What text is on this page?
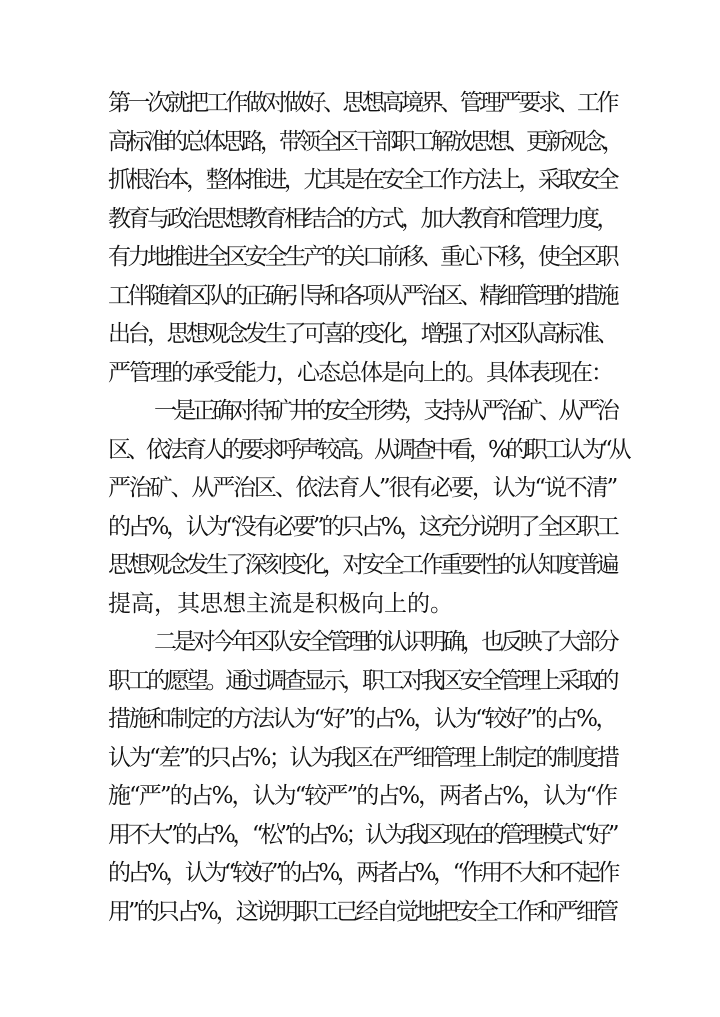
第一次就把工作做对做好、思想高境界、管理严要求、工作
高标准的总体思路，带领全区干部职工解放思想、更新观念，
抓根治本，整体推进，尤其是在安全工作方法上，采取安全
教育与政治思想教育相结合的方式，加大教育和管理力度，
有力地推进全区安全生产的关口前移、重心下移，使全区职
工伴随着区队的正确引导和各项从严治区、精细管理的措施
出台，思想观念发生了可喜的变化，增强了对区队高标准、
严管理的承受能力，心态总体是向上的。具体表现在：
一是正确对待矿井的安全形势，支持从严治矿、从严治
区、依法育人的要求呼声较高。从调查中看，%的职工认为“从
严治矿、从严治区、依法育人”很有必要，认为“说不清”
的占%，认为“没有必要”的只占%，这充分说明了全区职工
思想观念发生了深刻变化，对安全工作重要性的认知度普遍
提高，其思想主流是积极向上的。
二是对今年区队安全管理的认识明确，也反映了大部分
职工的愿望。通过调查显示，职工对我区安全管理上采取的
措施和制定的方法认为“好”的占%，认为“较好”的占%，
认为“差”的只占%；认为我区在严细管理上制定的制度措
施“严”的占%，认为“较严”的占%，两者占%，认为“作
用不大”的占%，“松”的占%；认为我区现在的管理模式“好”
的占%，认为“较好”的占%，两者占%，“作用不大和不起作
用”的只占%，这说明职工已经自觉地把安全工作和严细管
